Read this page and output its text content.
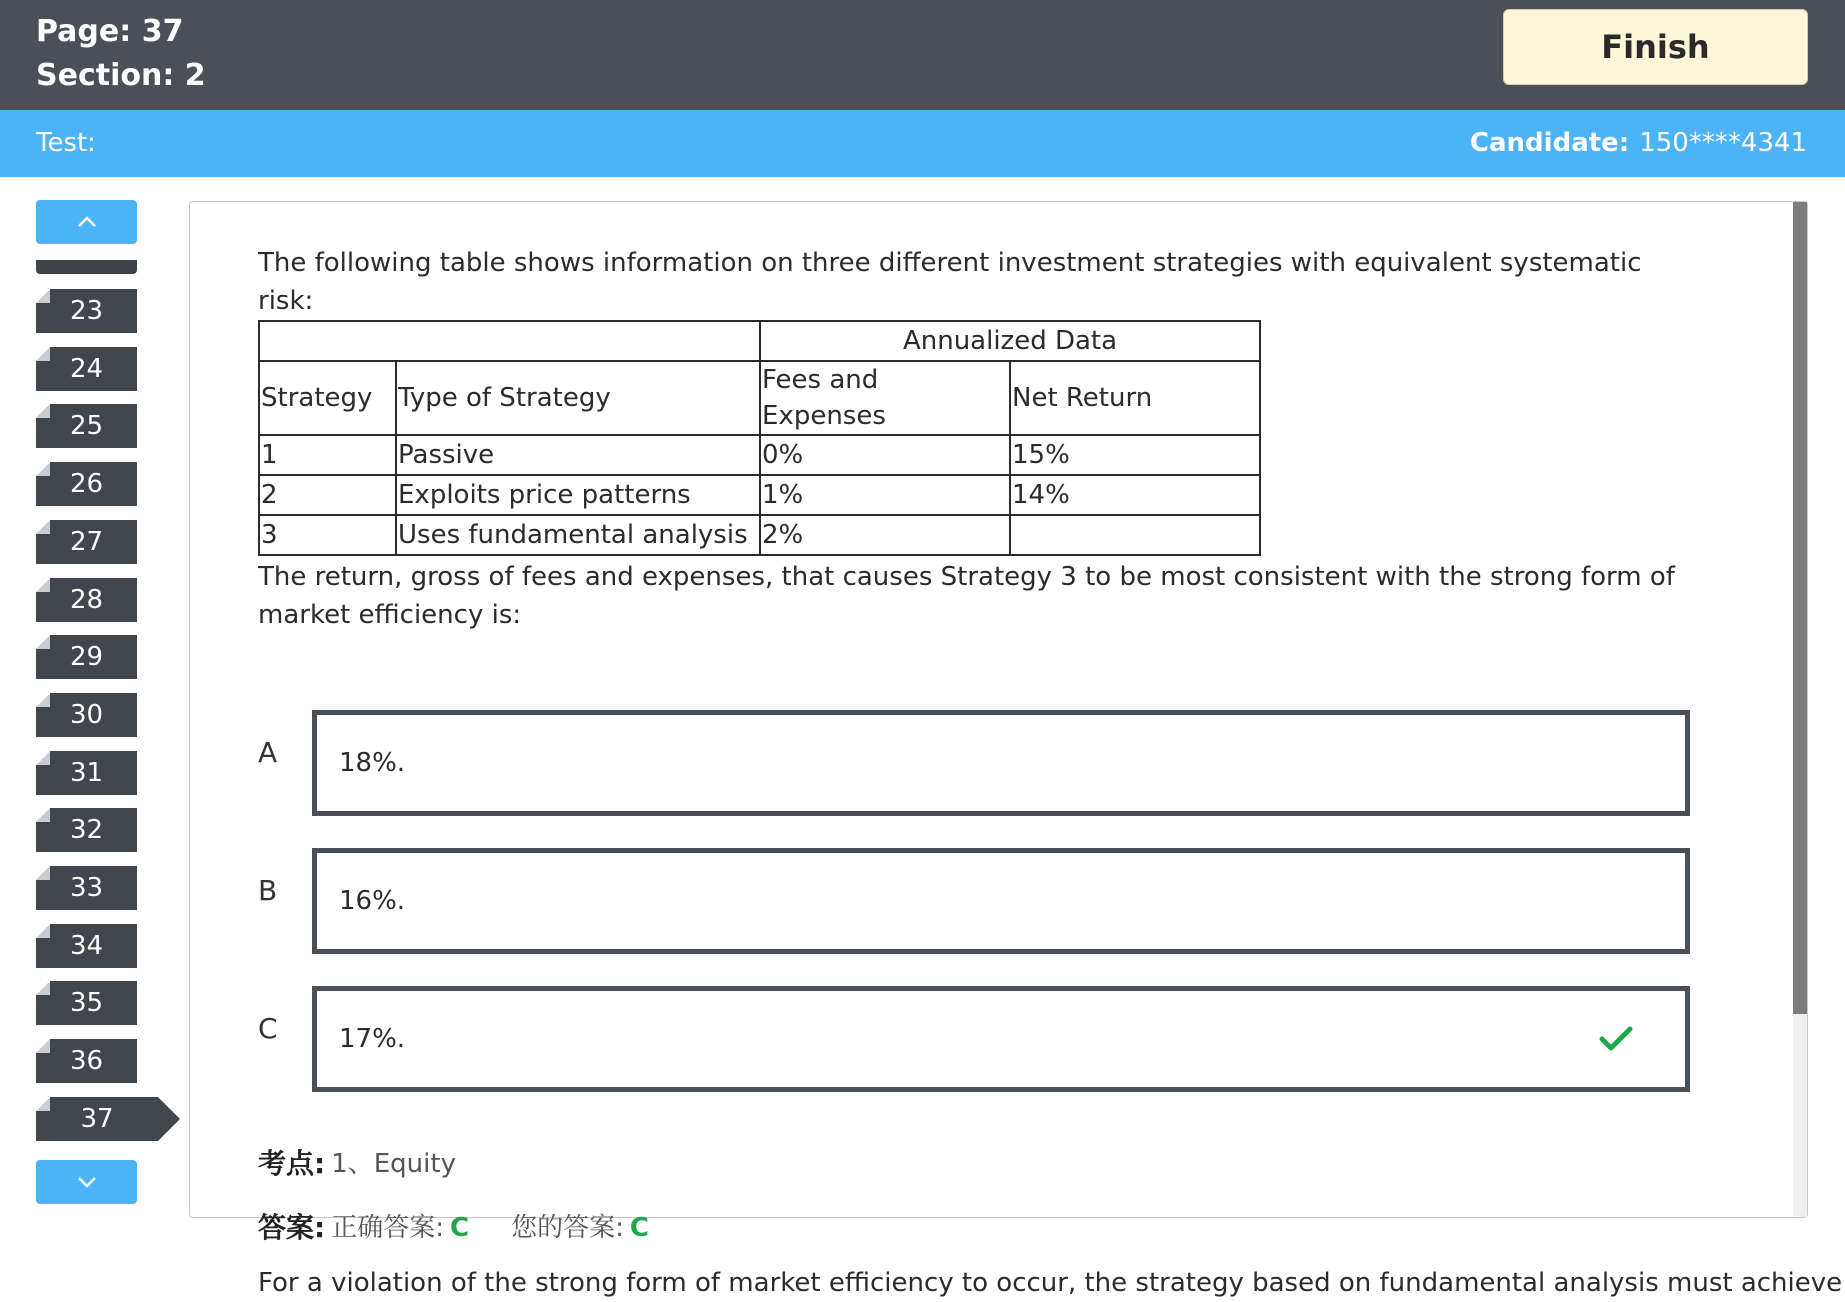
Page: 37
Section: 2
Finish
Test:	Candidate: 150****4341
23
24
25
26
27
28
29
30
31
32
33
34
35
36
37
The following table shows information on three different investment strategies with equivalent systematic risk:
		Annualized Data	
Strategy	Type of Strategy	Fees and Expenses	Net Return
1	Passive	0%	15%
2	Exploits price patterns	1%	14%
3	Uses fundamental analysis	2%	
The return, gross of fees and expenses, that causes Strategy 3 to be most consistent with the strong form of market efficiency is:
A 18%.
B 16%.
C 17%.
考点: 1、Equity
答案: 正确答案: C 您的答案: C
For a violation of the strong form of market efficiency to occur, the strategy based on fundamental analysis must achieve
